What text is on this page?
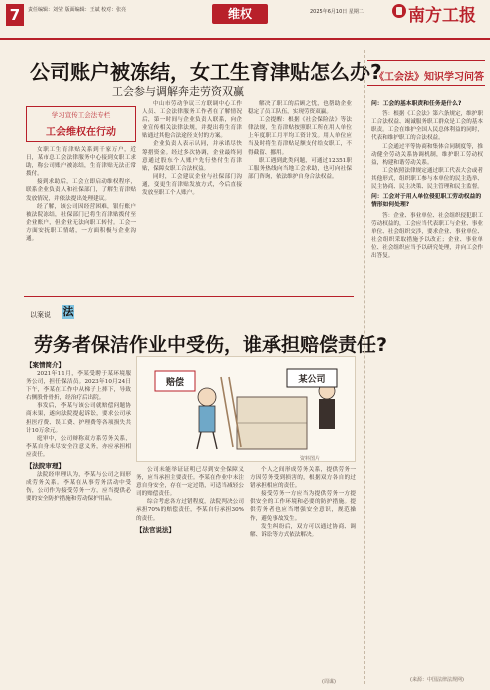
7	责任编辑：刘莹 版面编辑：王斌 校对：张亮	维权	2025年6月10日 星期二	南方工报
公司账户被冻结，女工生育津贴怎么办?
工会参与调解奔走劳资双赢
学习宣传工会法专栏
工会维权在行动

女职工生育津贴关系到千家万户，近日，某市总工会法律服务中心接到女职工求助，称公司账户被冻结，生育津贴无法正常拨付。

接到求助后，工会立即启动维权程序，联系企业负责人和社保部门，了解生育津贴发放情况，并依法提出处理建议。

经了解，该公司因经营困难，银行账户被法院冻结，社保部门已将生育津贴拨付至企业账户，但企业无法向职工转付。工会一方面安抚职工情绪，一方面积极与企业沟通。

中山市劳动争议三方联调中心工作人员、工会法律服务工作者在了解情况后，第一时间与企业负责人联系，向企业宣传相关法律法规，并提出将生育津贴通过其他合法途径支付的方案。

企业负责人表示认同，并承诺尽快筹措资金。经过多次协调，企业最终同意通过股东个人账户先行垫付生育津贴，保障女职工合法权益。

同时，工会建议企业与社保部门沟通，变更生育津贴发放方式，今后直接发放至职工个人账户。

解决了职工的后顾之忧，也帮助企业稳定了员工队伍，实现劳资双赢。

工会提醒：根据《社会保险法》等法律法规，生育津贴按照职工所在用人单位上年度职工月平均工资计发。用人单位应当及时将生育津贴足额支付给女职工，不得截留、挪用。

职工遇到此类问题，可通过12351职工服务热线向当地工会求助，也可向社保部门咨询，依法维护自身合法权益。

以案说 法
劳务者保洁作业中受伤，谁承担赔偿责任?
【案情简介】

2021年11月，李某受聘于某环境服务公司，担任保洁员。2023年10月24日下午，李某在工作中从梯子上摔下，导致右侧股骨骨折，经治疗后出院。

事发后，李某与该公司就赔偿问题协商未果，遂向法院提起诉讼，要求公司承担医疗费、误工费、护理费等各项损失共计10万余元。

庭审中，公司辩称双方系劳务关系，李某自身未尽安全注意义务，亦应承担相应责任。

【法院审理】

法院经审理认为，李某与公司之间形成劳务关系。李某在从事劳务活动中受伤，公司作为接受劳务一方，应当提供必要的安全防护措施和劳动保护用品。

赔偿	某公司
资料图片

公司未能举证证明已尽到安全保障义务，应当承担主要责任。李某在作业中未注意自身安全，存在一定过错，可适当减轻公司的赔偿责任。

综合考虑各方过错程度，法院判决公司承担70%的赔偿责任，李某自行承担30%的责任。

【法官说法】

个人之间形成劳务关系，提供劳务一方因劳务受到损害的，根据双方各自的过错承担相应的责任。

接受劳务一方应当为提供劳务一方提供安全的工作环境和必要的防护措施。提供劳务者也应当增强安全意识，规范操作，避免事故发生。

发生纠纷后，双方可以通过协商、调解、诉讼等方式依法解决。

(周谋)
《工会法》知识学习问答
问：工会的基本职责和任务是什么?

答：根据《工会法》第六条规定，维护职工合法权益、竭诚服务职工群众是工会的基本职责。工会在维护全国人民总体利益的同时，代表和维护职工的合法权益。

工会通过平等协商和集体合同制度等，推动健全劳动关系协调机制，维护职工劳动权益，构建和谐劳动关系。

工会依照法律规定通过职工代表大会或者其他形式，组织职工参与本单位的民主选举、民主协商、民主决策、民主管理和民主监督。

问：工会对于用人单位侵犯职工劳动权益的情形如何处理?

答：企业、事业单位、社会组织侵犯职工劳动权益的，工会应当代表职工与企业、事业单位、社会组织交涉，要求企业、事业单位、社会组织采取措施予以改正；企业、事业单位、社会组织应当予以研究处理，并向工会作出答复。

(来源：中国法律法规网)
